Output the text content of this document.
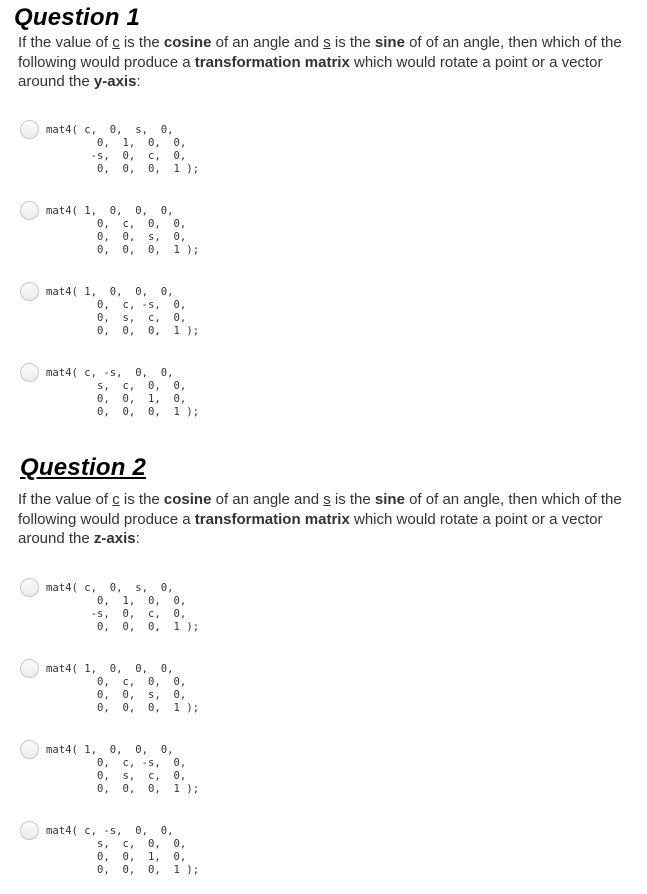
Question 1

If the value of c is the cosine of an angle and s is the sine of of an angle, then which of the following would produce a transformation matrix which would rotate a point or a vector around the y-axis:

mat4( c,  0,  s,  0,
0,  1,  0,  0,
-s,  0,  c,  0,
0,  0,  0,  1 );
mat4( 1,  0,  0,  0,
0,  c,  0,  0,
0,  0,  s,  0,
0,  0,  0,  1 );
mat4( 1,  0,  0,  0,
0,  c, -s,  0,
0,  s,  c,  0,
0,  0,  0,  1 );
mat4( c, -s,  0,  0,
s,  c,  0,  0,
0,  0,  1,  0,
0,  0,  0,  1 );
Question 2

If the value of c is the cosine of an angle and s is the sine of of an angle, then which of the following would produce a transformation matrix which would rotate a point or a vector around the z-axis:

mat4( c,  0,  s,  0,
0,  1,  0,  0,
-s,  0,  c,  0,
0,  0,  0,  1 );
mat4( 1,  0,  0,  0,
0,  c,  0,  0,
0,  0,  s,  0,
0,  0,  0,  1 );
mat4( 1,  0,  0,  0,
0,  c, -s,  0,
0,  s,  c,  0,
0,  0,  0,  1 );
mat4( c, -s,  0,  0,
s,  c,  0,  0,
0,  0,  1,  0,
0,  0,  0,  1 );
